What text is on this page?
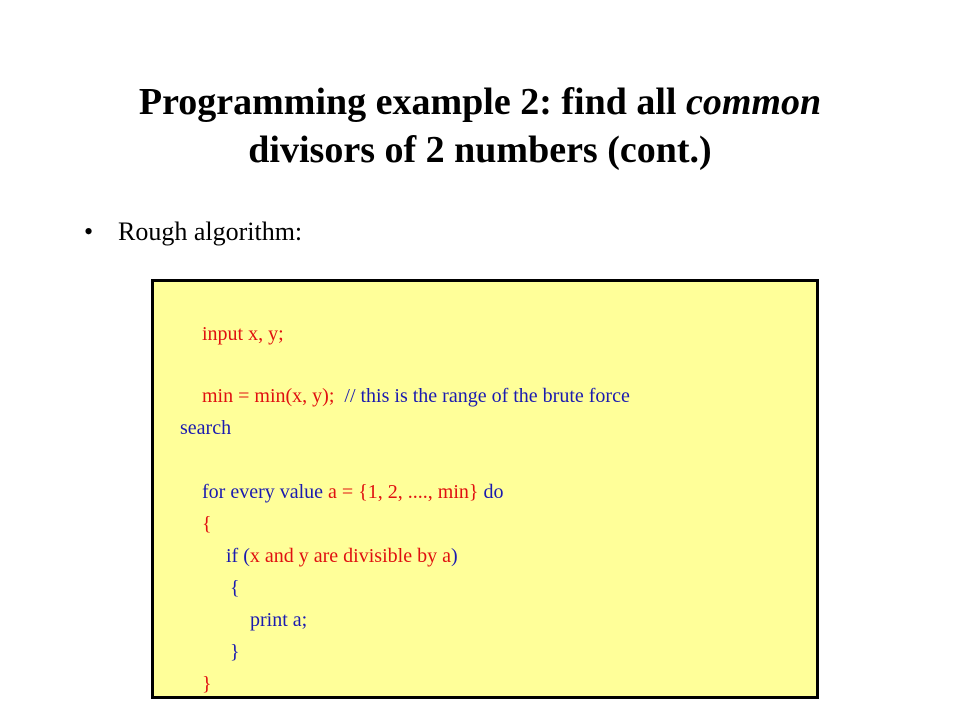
Programming example 2: find all common
divisors of 2 numbers (cont.)
• Rough algorithm:

input x, y;

min = min(x, y);  // this is the range of the brute force

search

for every value a = {1, 2, ...., min} do

{

if (x and y are divisible by a)

{

print a;

}

}
